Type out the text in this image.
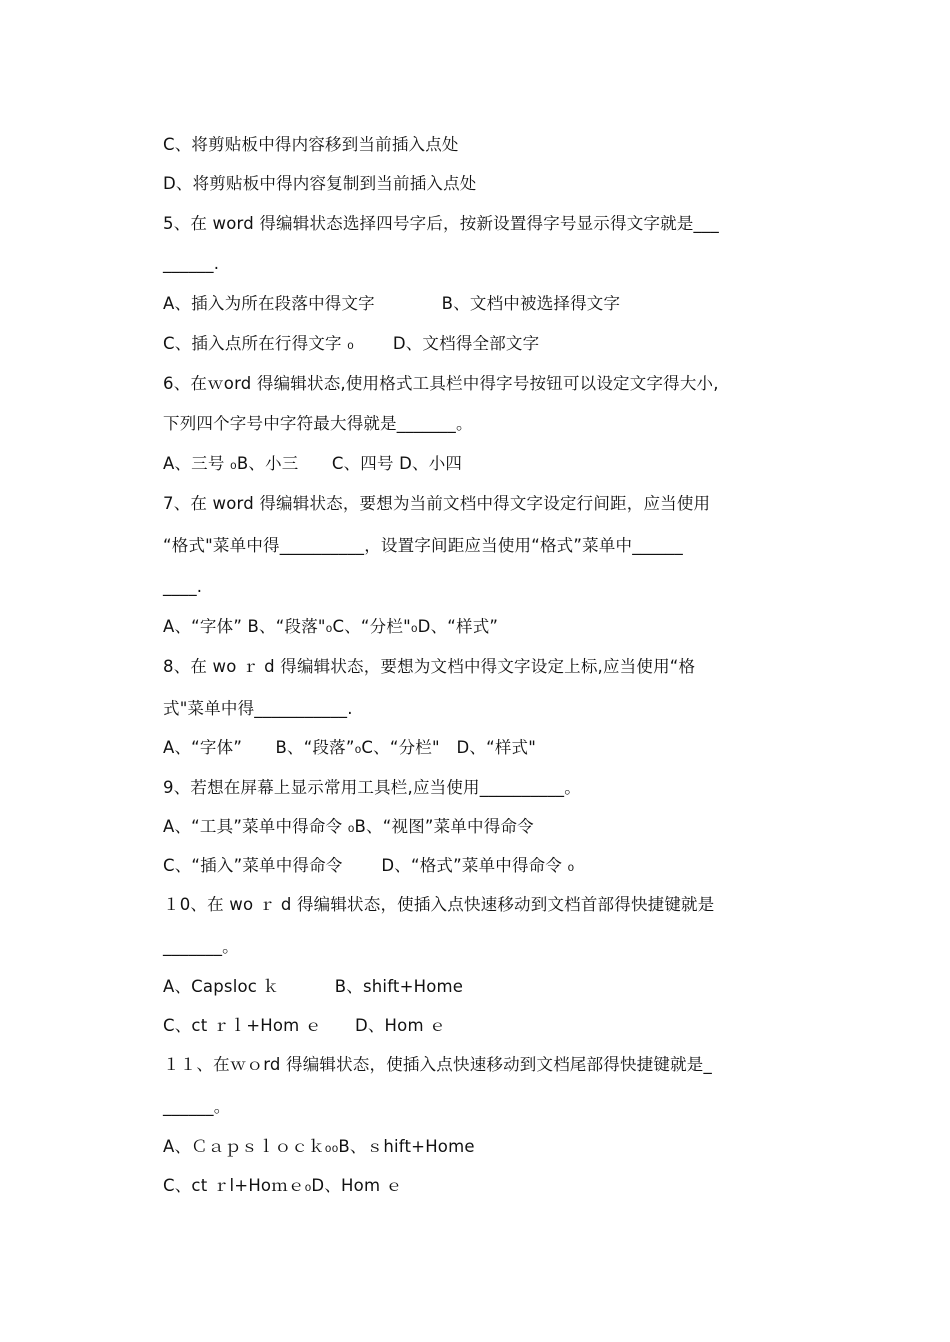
C、将剪贴板中得内容移到当前插入点处
D、将剪贴板中得内容复制到当前插入点处
5、在 word 得编辑状态选择四号字后，按新设置得字号显示得文字就是___
______.
A、插入为所在段落中得文字　　　　B、文档中被选择得文字
C、插入点所在行得文字 ₀　　 D、文档得全部文字
6、在ｗord 得编辑状态,使用格式工具栏中得字号按钮可以设定文字得大小,
下列四个字号中字符最大得就是_______。
A、三号 ₀B、小三　　C、四号 D、小四
7、在 word 得编辑状态，要想为当前文档中得文字设定行间距，应当使用
“格式"菜单中得__________，设置字间距应当使用“格式”菜单中______
____.
A、“字体” B、“段落"₀C、“分栏"₀D、“样式”
8、在 wo ｒ d 得编辑状态，要想为文档中得文字设定上标,应当使用“格
式"菜单中得___________.
A、“字体”　　B、“段落”₀C、“分栏"　D、“样式"
9、若想在屏幕上显示常用工具栏,应当使用__________。
A、“工具”菜单中得命令 ₀B、“视图”菜单中得命令
C、“插入”菜单中得命令　　 D、“格式”菜单中得命令 ₀
１0、在 wo ｒ d 得编辑状态，使插入点快速移动到文档首部得快捷键就是
_______。
A、Capsloc ｋ　　　 B、shift+Home
C、ct ｒｌ+Hom ｅ　　D、Hom ｅ
１１、在ｗｏrd 得编辑状态，使插入点快速移动到文档尾部得快捷键就是_
______。
A、Ｃａｐｓｌｏｃｋ₀₀B、ｓhift+Home
C、ct ｒl+Hoｍｅ₀D、Hom ｅ
